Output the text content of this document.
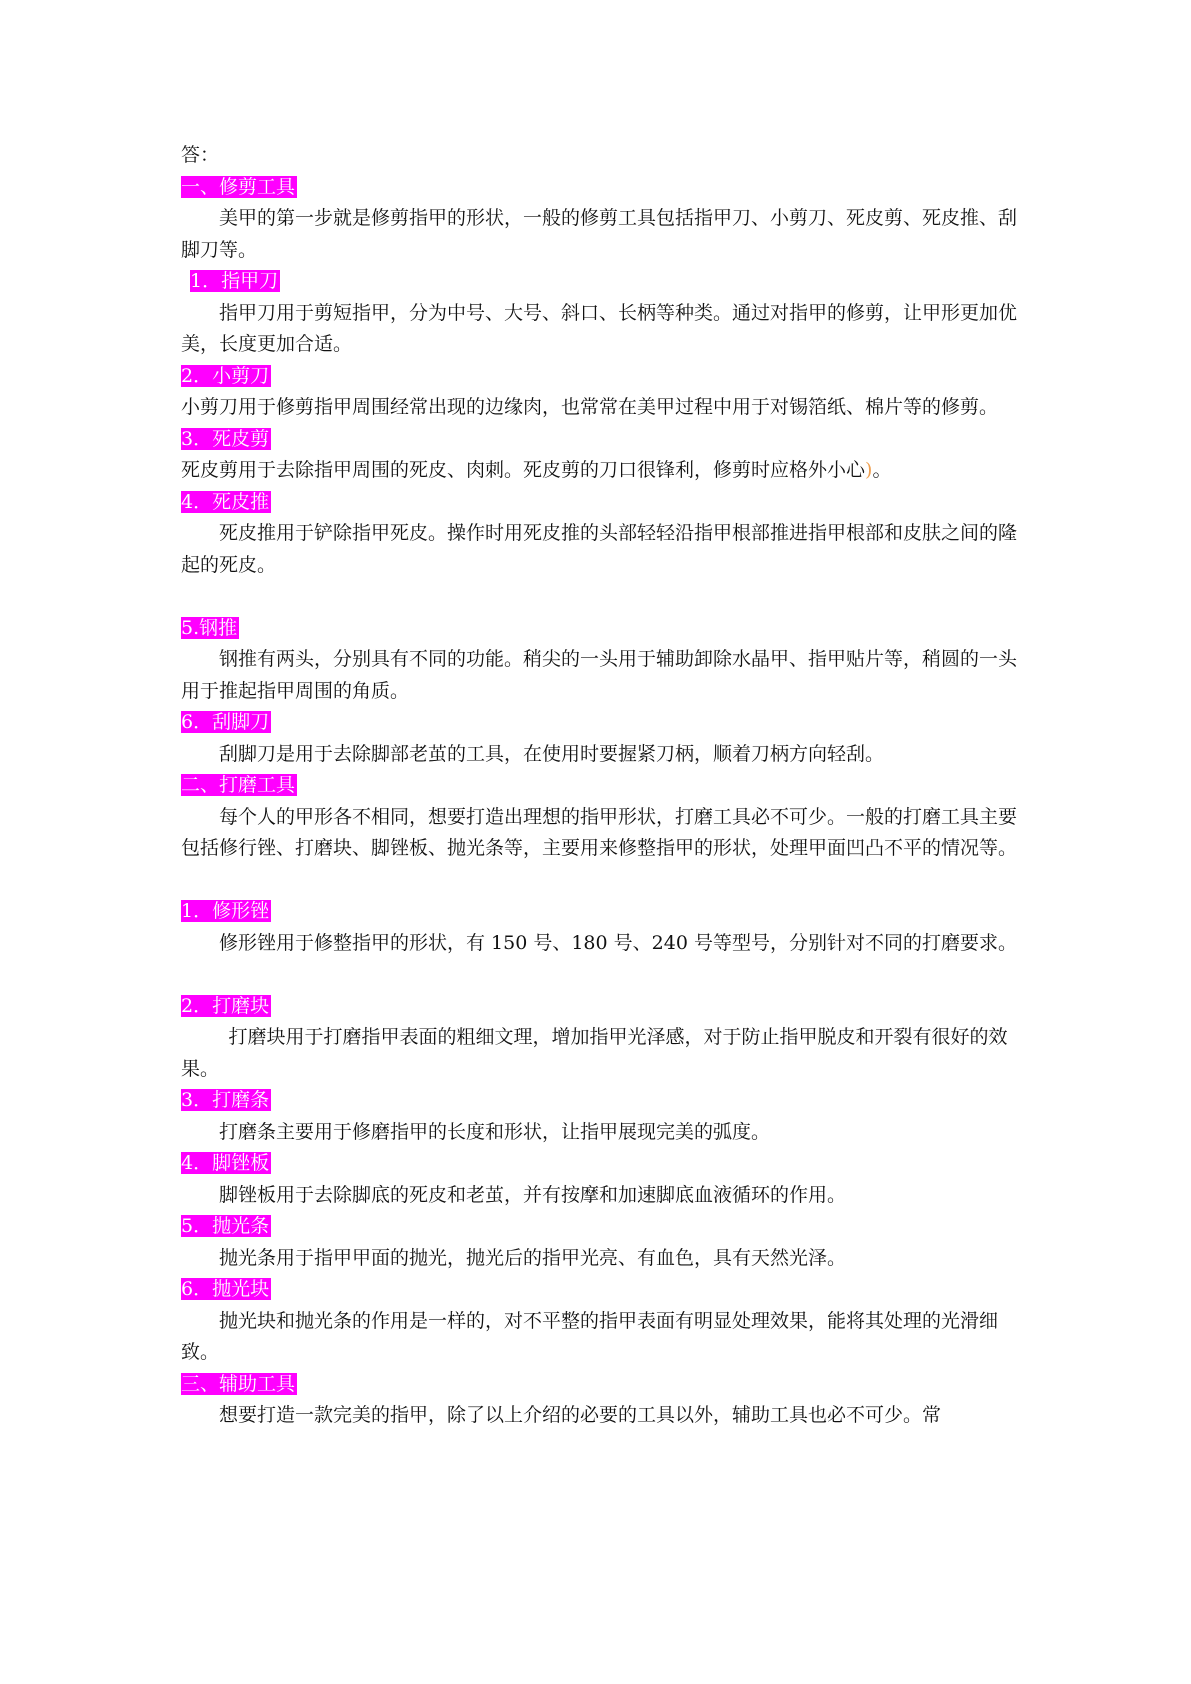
答：
一、修剪工具

美甲的第一步就是修剪指甲的形状，一般的修剪工具包括指甲刀、小剪刀、死皮剪、死皮推、刮脚刀等。

1．指甲刀

指甲刀用于剪短指甲，分为中号、大号、斜口、长柄等种类。通过对指甲的修剪，让甲形更加优美，长度更加合适。

2．小剪刀

小剪刀用于修剪指甲周围经常出现的边缘肉，也常常在美甲过程中用于对锡箔纸、棉片等的修剪。

3．死皮剪

死皮剪用于去除指甲周围的死皮、肉刺。死皮剪的刀口很锋利，修剪时应格外小心)。

4．死皮推

死皮推用于铲除指甲死皮。操作时用死皮推的头部轻轻沿指甲根部推进指甲根部和皮肤之间的隆起的死皮。

5.钢推

钢推有两头，分别具有不同的功能。稍尖的一头用于辅助卸除水晶甲、指甲贴片等，稍圆的一头用于推起指甲周围的角质。

6．刮脚刀

刮脚刀是用于去除脚部老茧的工具，在使用时要握紧刀柄，顺着刀柄方向轻刮。

二、打磨工具

每个人的甲形各不相同，想要打造出理想的指甲形状，打磨工具必不可少。一般的打磨工具主要包括修行锉、打磨块、脚锉板、抛光条等，主要用来修整指甲的形状，处理甲面凹凸不平的情况等。

1．修形锉

修形锉用于修整指甲的形状，有 150 号、180 号、240 号等型号，分别针对不同的打磨要求。

2．打磨块

打磨块用于打磨指甲表面的粗细文理，增加指甲光泽感，对于防止指甲脱皮和开裂有很好的效果。

3．打磨条

打磨条主要用于修磨指甲的长度和形状，让指甲展现完美的弧度。

4．脚锉板

脚锉板用于去除脚底的死皮和老茧，并有按摩和加速脚底血液循环的作用。

5．抛光条

抛光条用于指甲甲面的抛光，抛光后的指甲光亮、有血色，具有天然光泽。

6．抛光块

抛光块和抛光条的作用是一样的，对不平整的指甲表面有明显处理效果，能将其处理的光滑细致。

三、辅助工具

想要打造一款完美的指甲，除了以上介绍的必要的工具以外，辅助工具也必不可少。常
